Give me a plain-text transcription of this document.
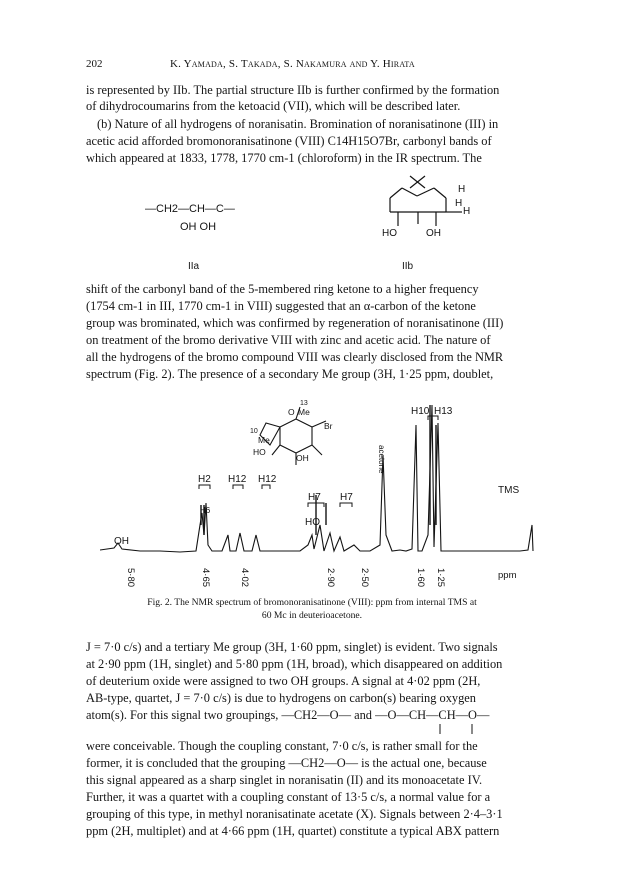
202	K. Yamada, S. Takada, S. Nakamura and Y. Hirata
is represented by IIb. The partial structure IIb is further confirmed by the formation
of dihydrocoumarins from the ketoacid (VII), which will be described later.
(b) Nature of all hydrogens of noranisatin. Bromination of noranisatinone (III) in
acetic acid afforded bromonoranisatinone (VIII) C14H15O7Br, carbonyl bands of
which appeared at 1833, 1778, 1770 cm-1 (chloroform) in the IR spectrum. The
—CH2—CH—C—
OH OH
IIa
H
H
H
HO	OH
IIb
shift of the carbonyl band of the 5-membered ring ketone to a higher frequency
(1754 cm-1 in III, 1770 cm-1 in VIII) suggested that an α-carbon of the ketone
group was brominated, which was confirmed by regeneration of noranisatinone (III)
on treatment of the bromo derivative VIII with zinc and acetic acid. The nature of
all the hydrogens of the bromo compound VIII was clearly disclosed from the NMR
spectrum (Fig. 2). The presence of a secondary Me group (3H, 1·25 ppm, doublet,
5·80	4·65	4·02	2·90 2·50	1·60 1·25	ppm
H10 H13
H2 H12 H12
H7 H7
TMS
OH
H6
HO
acetone
O
13
Me
10
Me
Br
HO
OH
Fig. 2. The NMR spectrum of bromonoranisatinone (VIII): ppm from internal TMS at
60 Mc in deuterioacetone.
J = 7·0 c/s) and a tertiary Me group (3H, 1·60 ppm, singlet) is evident. Two signals
at 2·90 ppm (1H, singlet) and 5·80 ppm (1H, broad), which disappeared on addition
of deuterium oxide were assigned to two OH groups. A signal at 4·02 ppm (2H,
AB-type, quartet, J = 7·0 c/s) is due to hydrogens on carbon(s) bearing oxygen
atom(s). For this signal two groupings, —CH2—O— and —O—CH—CH—O—
were conceivable. Though the coupling constant, 7·0 c/s, is rather small for the
former, it is concluded that the grouping —CH2—O— is the actual one, because
this signal appeared as a sharp singlet in noranisatin (II) and its monoacetate IV.
Further, it was a quartet with a coupling constant of 13·5 c/s, a normal value for a
grouping of this type, in methyl noranisatinate acetate (X). Signals between 2·4–3·1
ppm (2H, multiplet) and at 4·66 ppm (1H, quartet) constitute a typical ABX pattern
